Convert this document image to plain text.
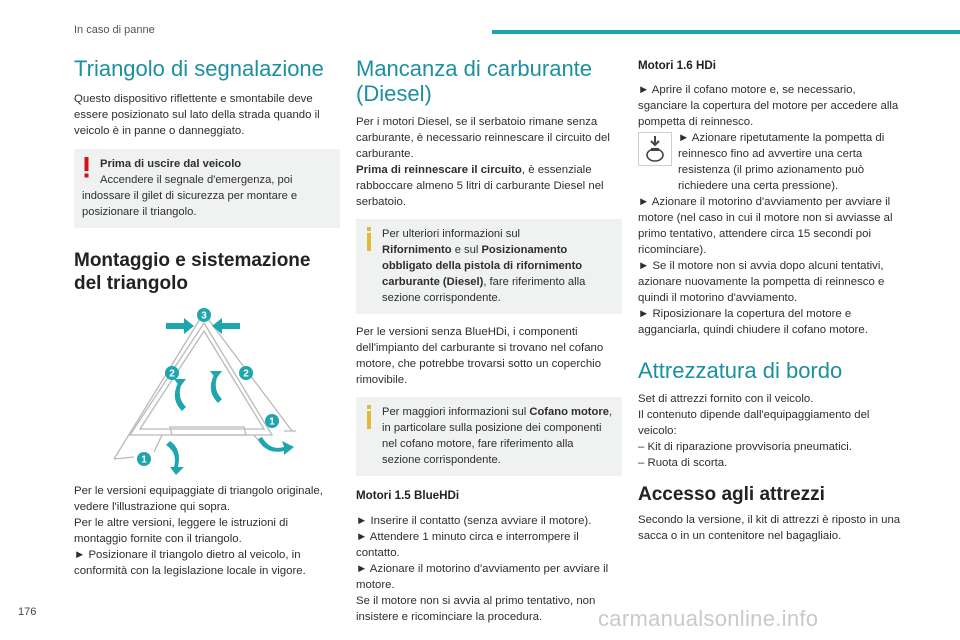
In caso di panne
Triangolo di segnalazione

Questo dispositivo riflettente e smontabile deve essere posizionato sul lato della strada quando il veicolo è in panne o danneggiato.

Prima di uscire dal veicolo

Accendere il segnale d'emergenza, poi

indossare il gilet di sicurezza per montare e posizionare il triangolo.

Montaggio e sistemazione del triangolo
3
2	2
1
1

Per le versioni equipaggiate di triangolo originale, vedere l'illustrazione qui sopra.

Per le altre versioni, leggere le istruzioni di montaggio fornite con il triangolo.

► Posizionare il triangolo dietro al veicolo, in conformità con la legislazione locale in vigore.

Mancanza di carburante (Diesel)

Per i motori Diesel, se il serbatoio rimane senza carburante, è necessario reinnescare il circuito del carburante.

Prima di reinnescare il circuito, è essenziale rabboccare almeno 5 litri di carburante Diesel nel serbatoio.

Per ulteriori informazioni sul

Rifornimento e sul Posizionamento obbligato della pistola di rifornimento carburante (Diesel), fare riferimento alla sezione corrispondente.

Per le versioni senza BlueHDi, i componenti dell'impianto del carburante si trovano nel cofano motore, che potrebbe trovarsi sotto un coperchio rimovibile.

Per maggiori informazioni sul Cofano motore, in particolare sulla posizione dei componenti nel cofano motore, fare riferimento alla sezione corrispondente.

Motori 1.5 BlueHDi

► Inserire il contatto (senza avviare il motore).

► Attendere 1 minuto circa e interrompere il contatto.

► Azionare il motorino d'avviamento per avviare il motore.

Se il motore non si avvia al primo tentativo, non insistere e ricominciare la procedura.

Motori 1.6 HDi

► Aprire il cofano motore e, se necessario, sganciare la copertura del motore per accedere alla pompetta di reinnesco.

► Azionare ripetutamente la pompetta di reinnesco fino ad avvertire una certa resistenza (il primo azionamento può richiedere una certa pressione).

► Azionare il motorino d'avviamento per avviare il motore (nel caso in cui il motore non si avviasse al primo tentativo, attendere circa 15 secondi poi ricominciare).

► Se il motore non si avvia dopo alcuni tentativi, azionare nuovamente la pompetta di reinnesco e quindi il motorino d'avviamento.

► Riposizionare la copertura del motore e agganciarla, quindi chiudere il cofano motore.

Attrezzatura di bordo

Set di attrezzi fornito con il veicolo.

Il contenuto dipende dall'equipaggiamento del veicolo:

– Kit di riparazione provvisoria pneumatici.

– Ruota di scorta.

Accesso agli attrezzi

Secondo la versione, il kit di attrezzi è riposto in una sacca o in un contenitore nel bagagliaio.

176	carmanualsonline.info
